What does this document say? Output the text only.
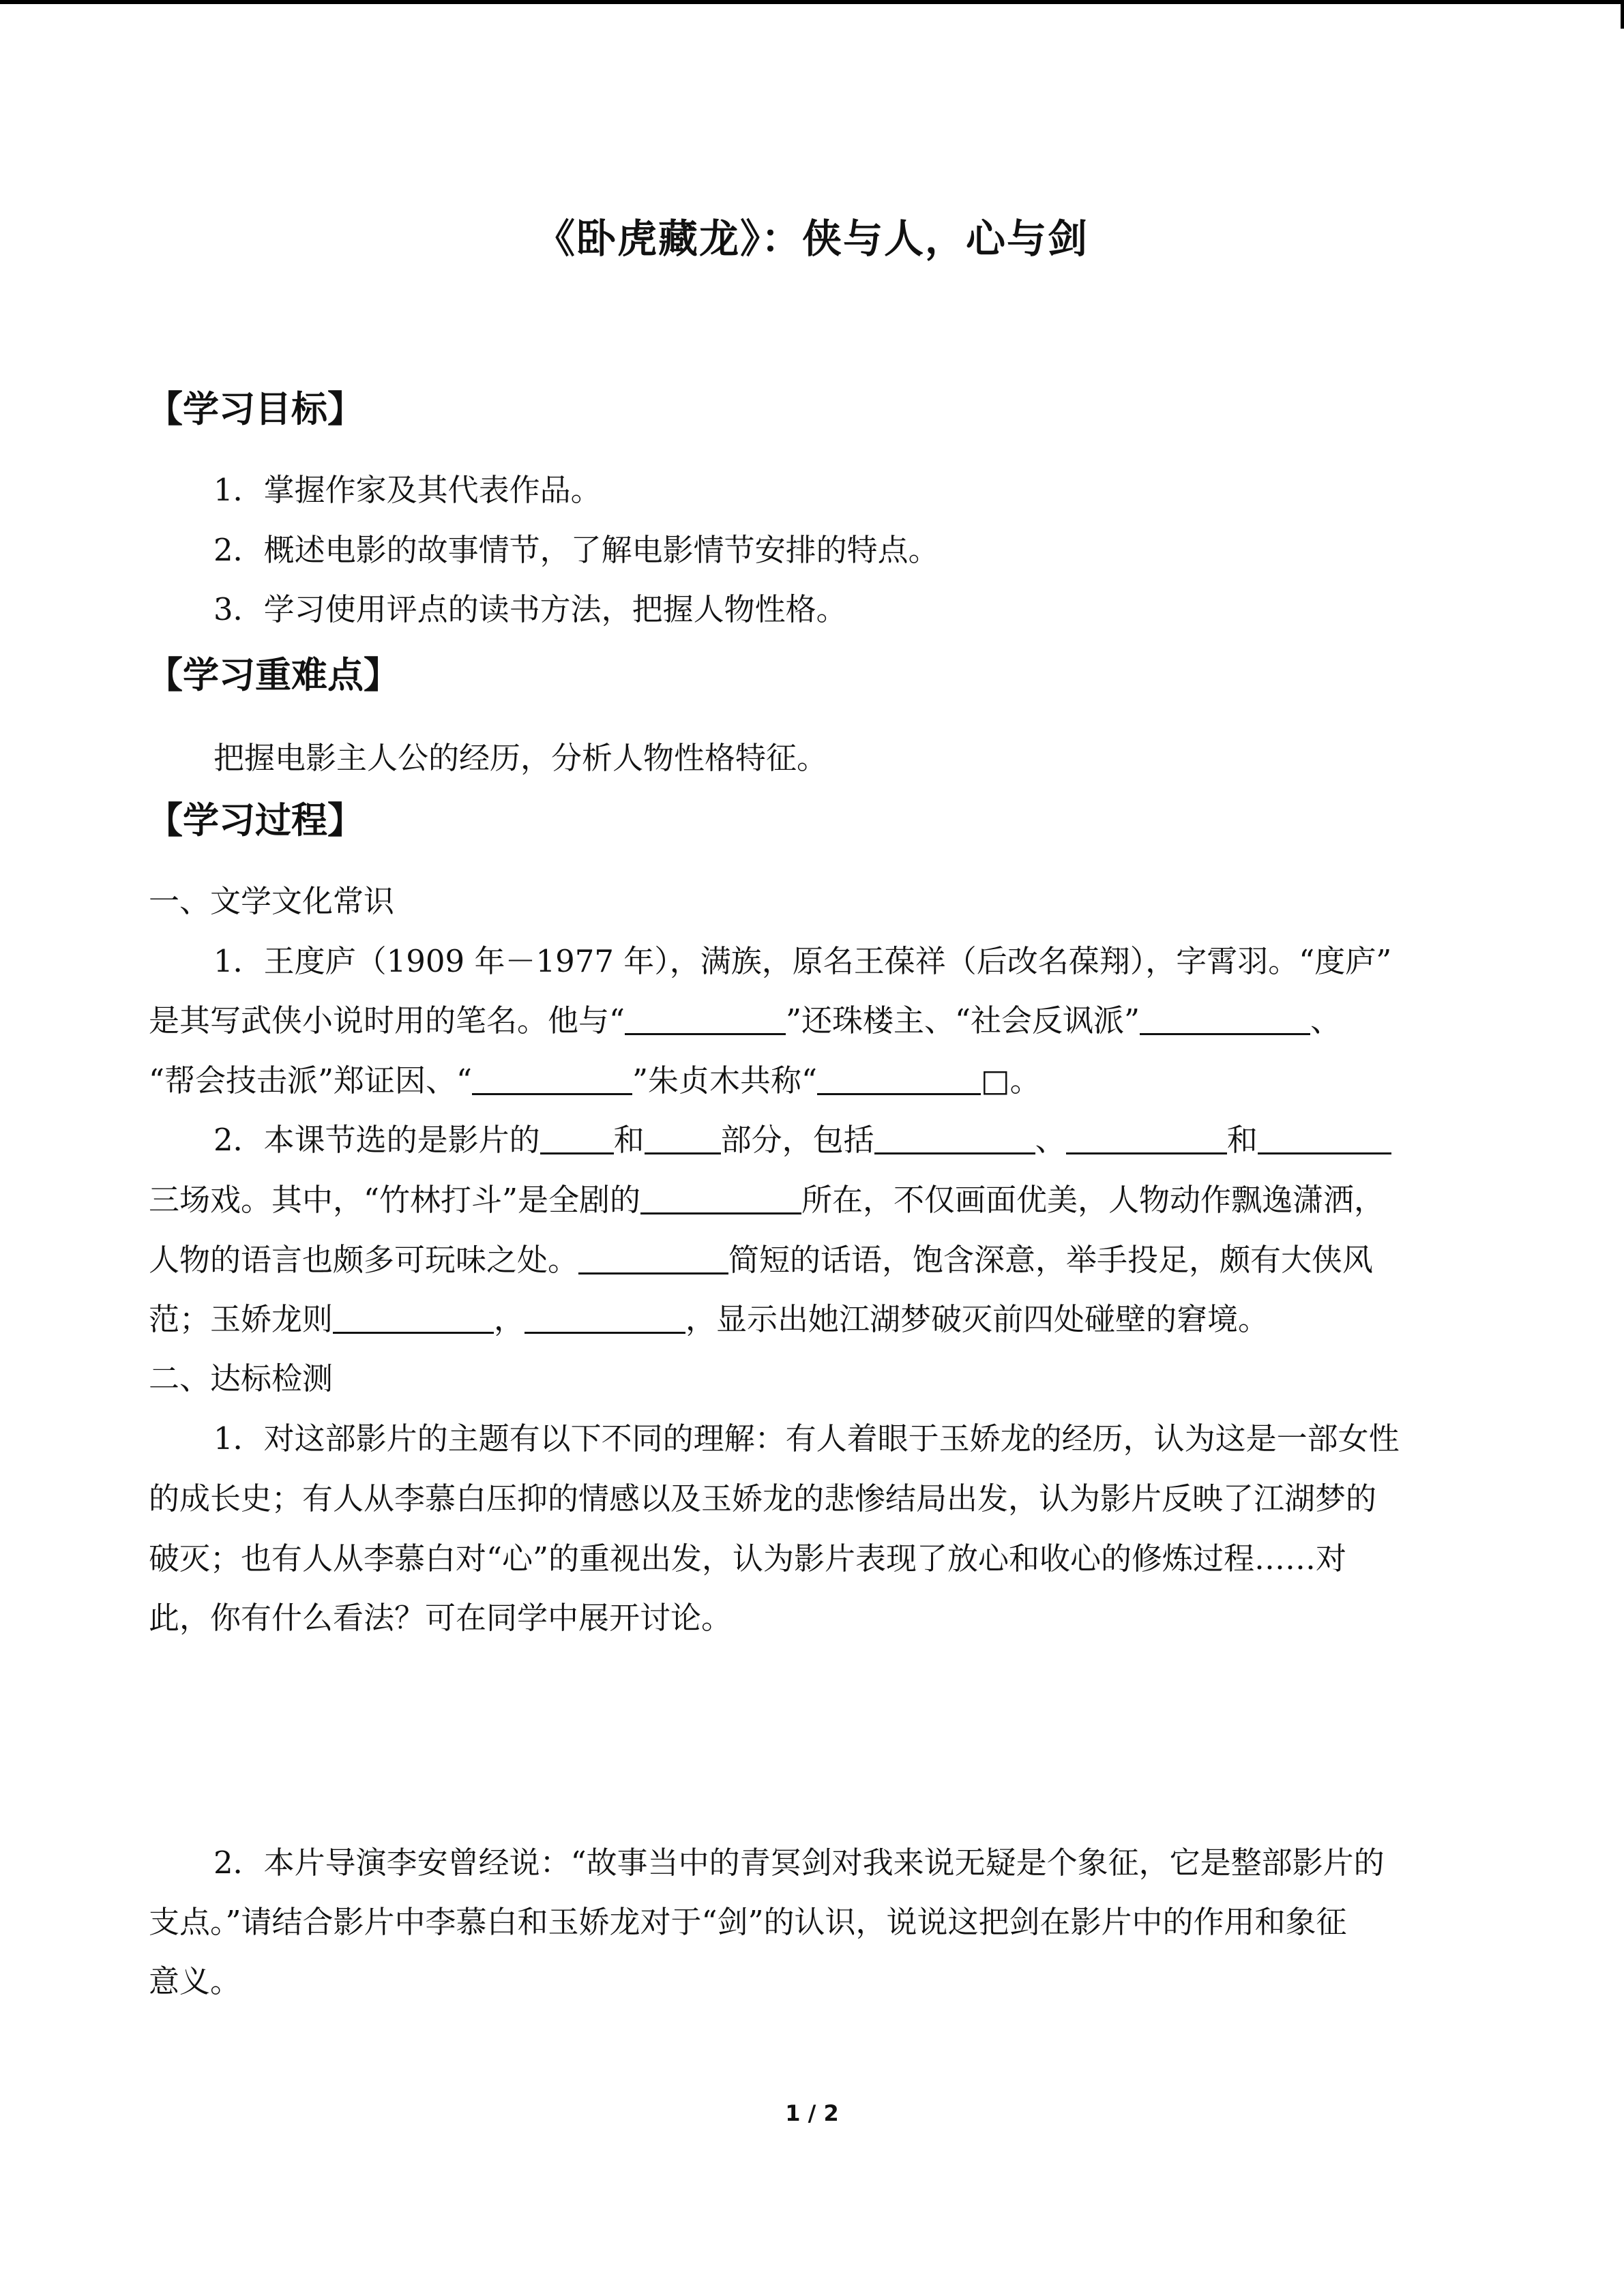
《卧虎藏龙》：侠与人，心与剑
【学习目标】
1．掌握作家及其代表作品。
2．概述电影的故事情节，了解电影情节安排的特点。
3．学习使用评点的读书方法，把握人物性格。
【学习重难点】
把握电影主人公的经历，分析人物性格特征。
【学习过程】
一、文学文化常识
1．王度庐（1909 年－1977 年），满族，原名王葆祥（后改名葆翔），字霄羽。“度庐”
是其写武侠小说时用的笔名。他与“	”还珠楼主、“社会反讽派”	、
“帮会技击派”郑证因、“	”朱贞木共称“	□。
2．本课节选的是影片的 和 部分，包括	、	和
三场戏。其中，“竹林打斗”是全剧的	所在，不仅画面优美，人物动作飘逸潇洒，
人物的语言也颇多可玩味之处。	简短的话语，饱含深意，举手投足，颇有大侠风
范；玉娇龙则	，	，显示出她江湖梦破灭前四处碰壁的窘境。
二、达标检测
1．对这部影片的主题有以下不同的理解：有人着眼于玉娇龙的经历，认为这是一部女性
的成长史；有人从李慕白压抑的情感以及玉娇龙的悲惨结局出发，认为影片反映了江湖梦的
破灭；也有人从李慕白对“心”的重视出发，认为影片表现了放心和收心的修炼过程……对
此，你有什么看法？可在同学中展开讨论。
2．本片导演李安曾经说：“故事当中的青冥剑对我来说无疑是个象征，它是整部影片的
支点。”请结合影片中李慕白和玉娇龙对于“剑”的认识，说说这把剑在影片中的作用和象征
意义。
1 / 2
